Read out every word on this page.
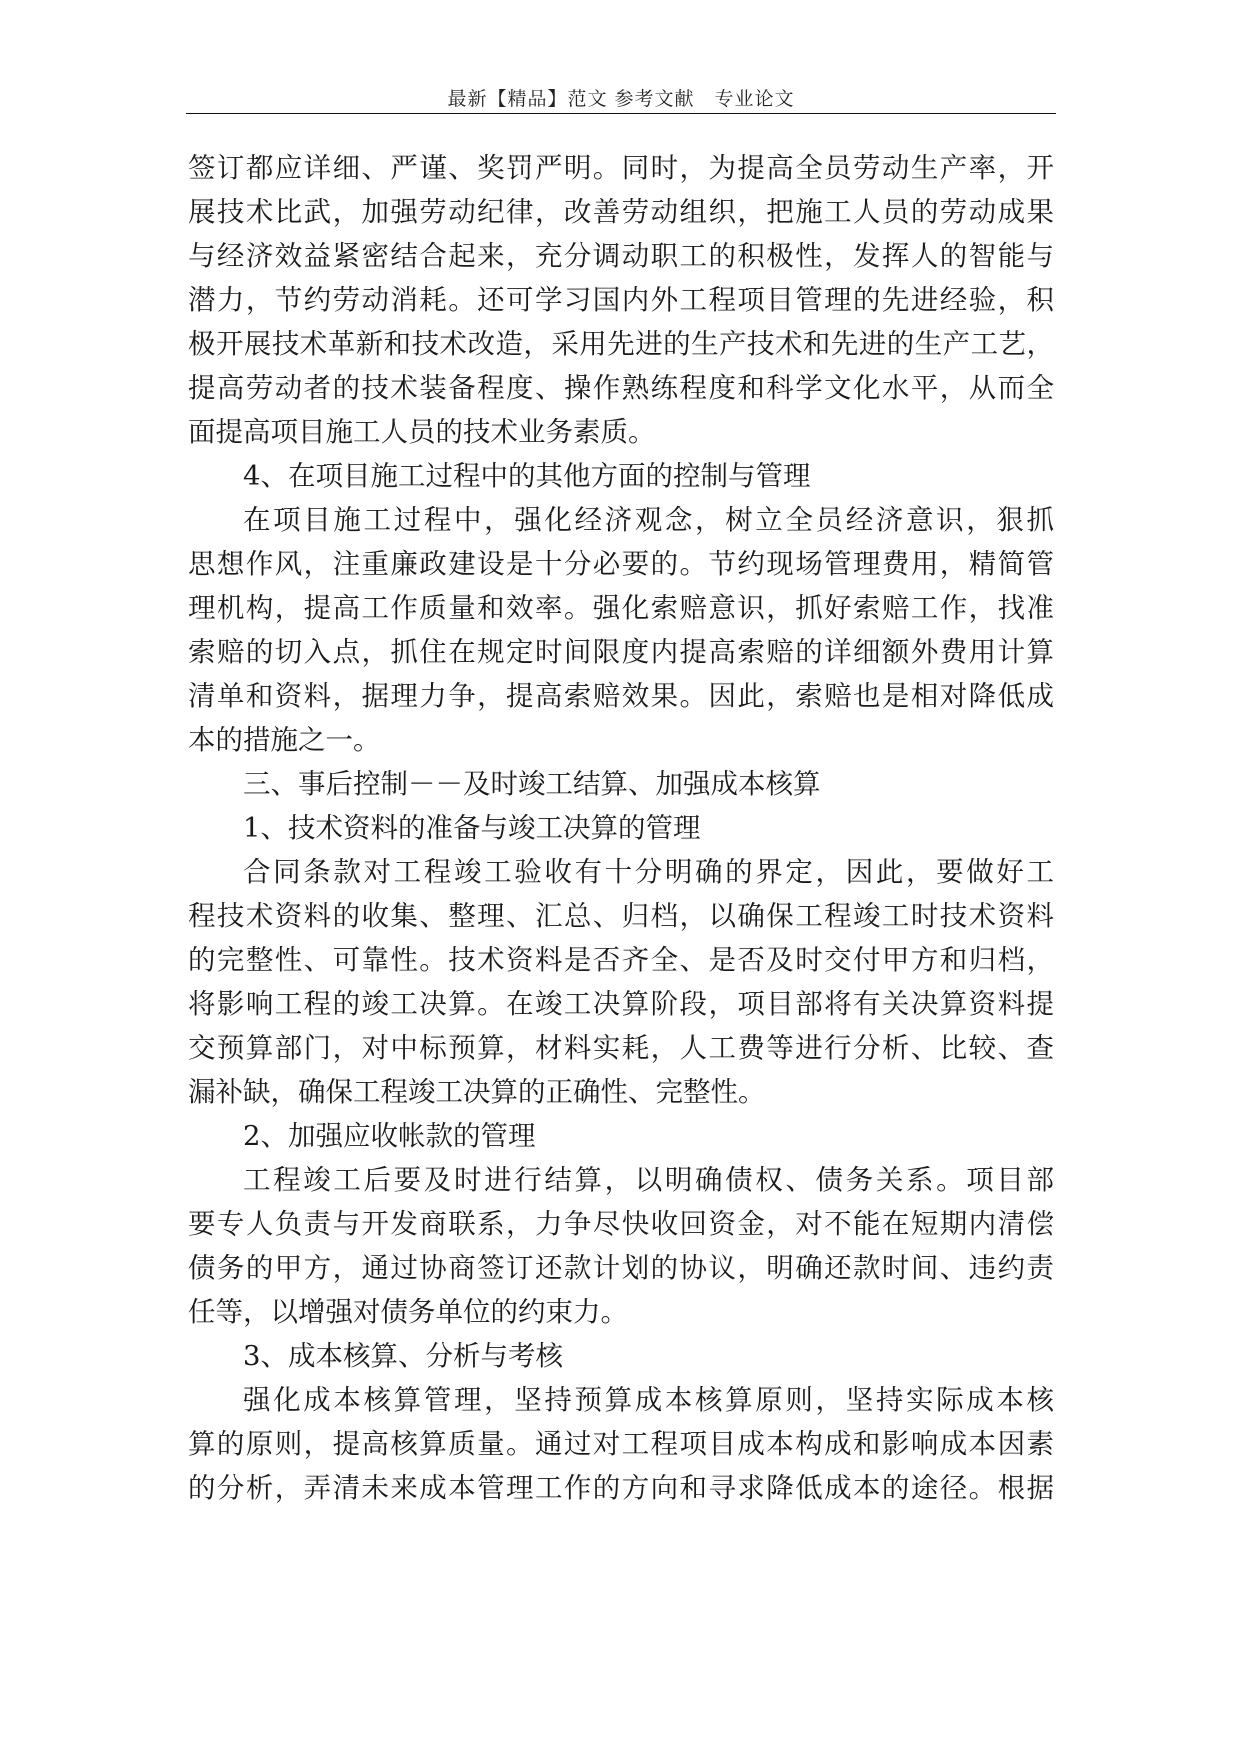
最新【精品】范文 参考文献　专业论文
签订都应详细、严谨、奖罚严明。同时，为提高全员劳动生产率，开
展技术比武，加强劳动纪律，改善劳动组织，把施工人员的劳动成果
与经济效益紧密结合起来，充分调动职工的积极性，发挥人的智能与
潜力，节约劳动消耗。还可学习国内外工程项目管理的先进经验，积
极开展技术革新和技术改造，采用先进的生产技术和先进的生产工艺，
提高劳动者的技术装备程度、操作熟练程度和科学文化水平，从而全
面提高项目施工人员的技术业务素质。
4、在项目施工过程中的其他方面的控制与管理
在项目施工过程中，强化经济观念，树立全员经济意识，狠抓
思想作风，注重廉政建设是十分必要的。节约现场管理费用，精简管
理机构，提高工作质量和效率。强化索赔意识，抓好索赔工作，找准
索赔的切入点，抓住在规定时间限度内提高索赔的详细额外费用计算
清单和资料，据理力争，提高索赔效果。因此，索赔也是相对降低成
本的措施之一。
三、事后控制－－及时竣工结算、加强成本核算
1、技术资料的准备与竣工决算的管理
合同条款对工程竣工验收有十分明确的界定，因此，要做好工
程技术资料的收集、整理、汇总、归档，以确保工程竣工时技术资料
的完整性、可靠性。技术资料是否齐全、是否及时交付甲方和归档，
将影响工程的竣工决算。在竣工决算阶段，项目部将有关决算资料提
交预算部门，对中标预算，材料实耗，人工费等进行分析、比较、查
漏补缺，确保工程竣工决算的正确性、完整性。
2、加强应收帐款的管理
工程竣工后要及时进行结算，以明确债权、债务关系。项目部
要专人负责与开发商联系，力争尽快收回资金，对不能在短期内清偿
债务的甲方，通过协商签订还款计划的协议，明确还款时间、违约责
任等，以增强对债务单位的约束力。
3、成本核算、分析与考核
强化成本核算管理，坚持预算成本核算原则，坚持实际成本核
算的原则，提高核算质量。通过对工程项目成本构成和影响成本因素
的分析，弄清未来成本管理工作的方向和寻求降低成本的途径。根据
